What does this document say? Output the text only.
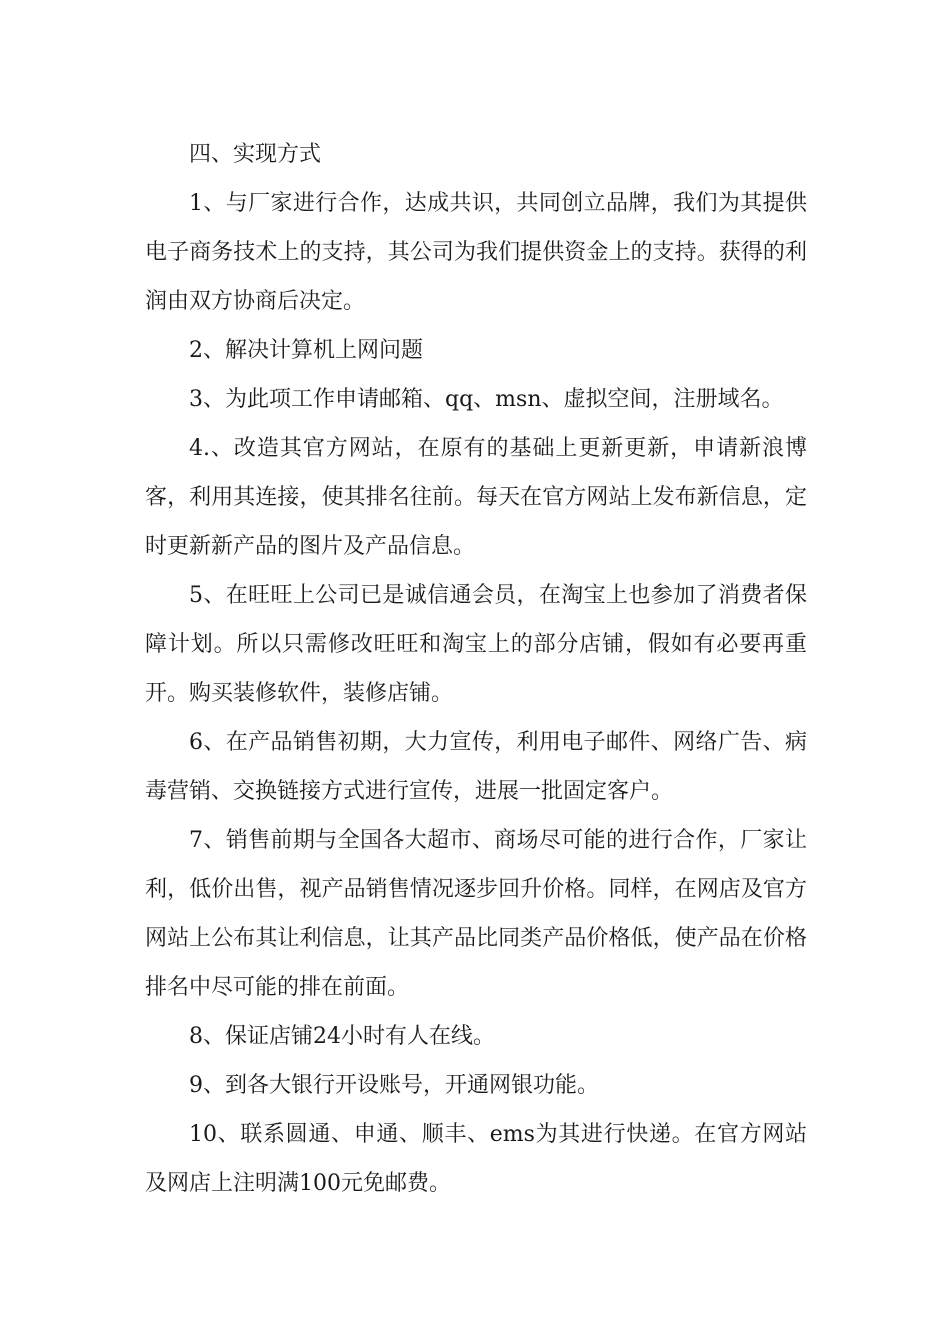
四、实现方式

1、与厂家进行合作，达成共识，共同创立品牌，我们为其提供电子商务技术上的支持，其公司为我们提供资金上的支持。获得的利润由双方协商后决定。

2、解决计算机上网问题

3、为此项工作申请邮箱、qq、msn、虚拟空间，注册域名。

4.、改造其官方网站，在原有的基础上更新更新，申请新浪博客，利用其连接，使其排名往前。每天在官方网站上发布新信息，定时更新新产品的图片及产品信息。

5、在旺旺上公司已是诚信通会员，在淘宝上也参加了消费者保障计划。所以只需修改旺旺和淘宝上的部分店铺，假如有必要再重开。购买装修软件，装修店铺。

6、在产品销售初期，大力宣传，利用电子邮件、网络广告、病毒营销、交换链接方式进行宣传，进展一批固定客户。

7、销售前期与全国各大超市、商场尽可能的进行合作，厂家让利，低价出售，视产品销售情况逐步回升价格。同样，在网店及官方网站上公布其让利信息，让其产品比同类产品价格低，使产品在价格排名中尽可能的排在前面。

8、保证店铺24小时有人在线。

9、到各大银行开设账号，开通网银功能。

10、联系圆通、申通、顺丰、ems为其进行快递。在官方网站及网店上注明满100元免邮费。
